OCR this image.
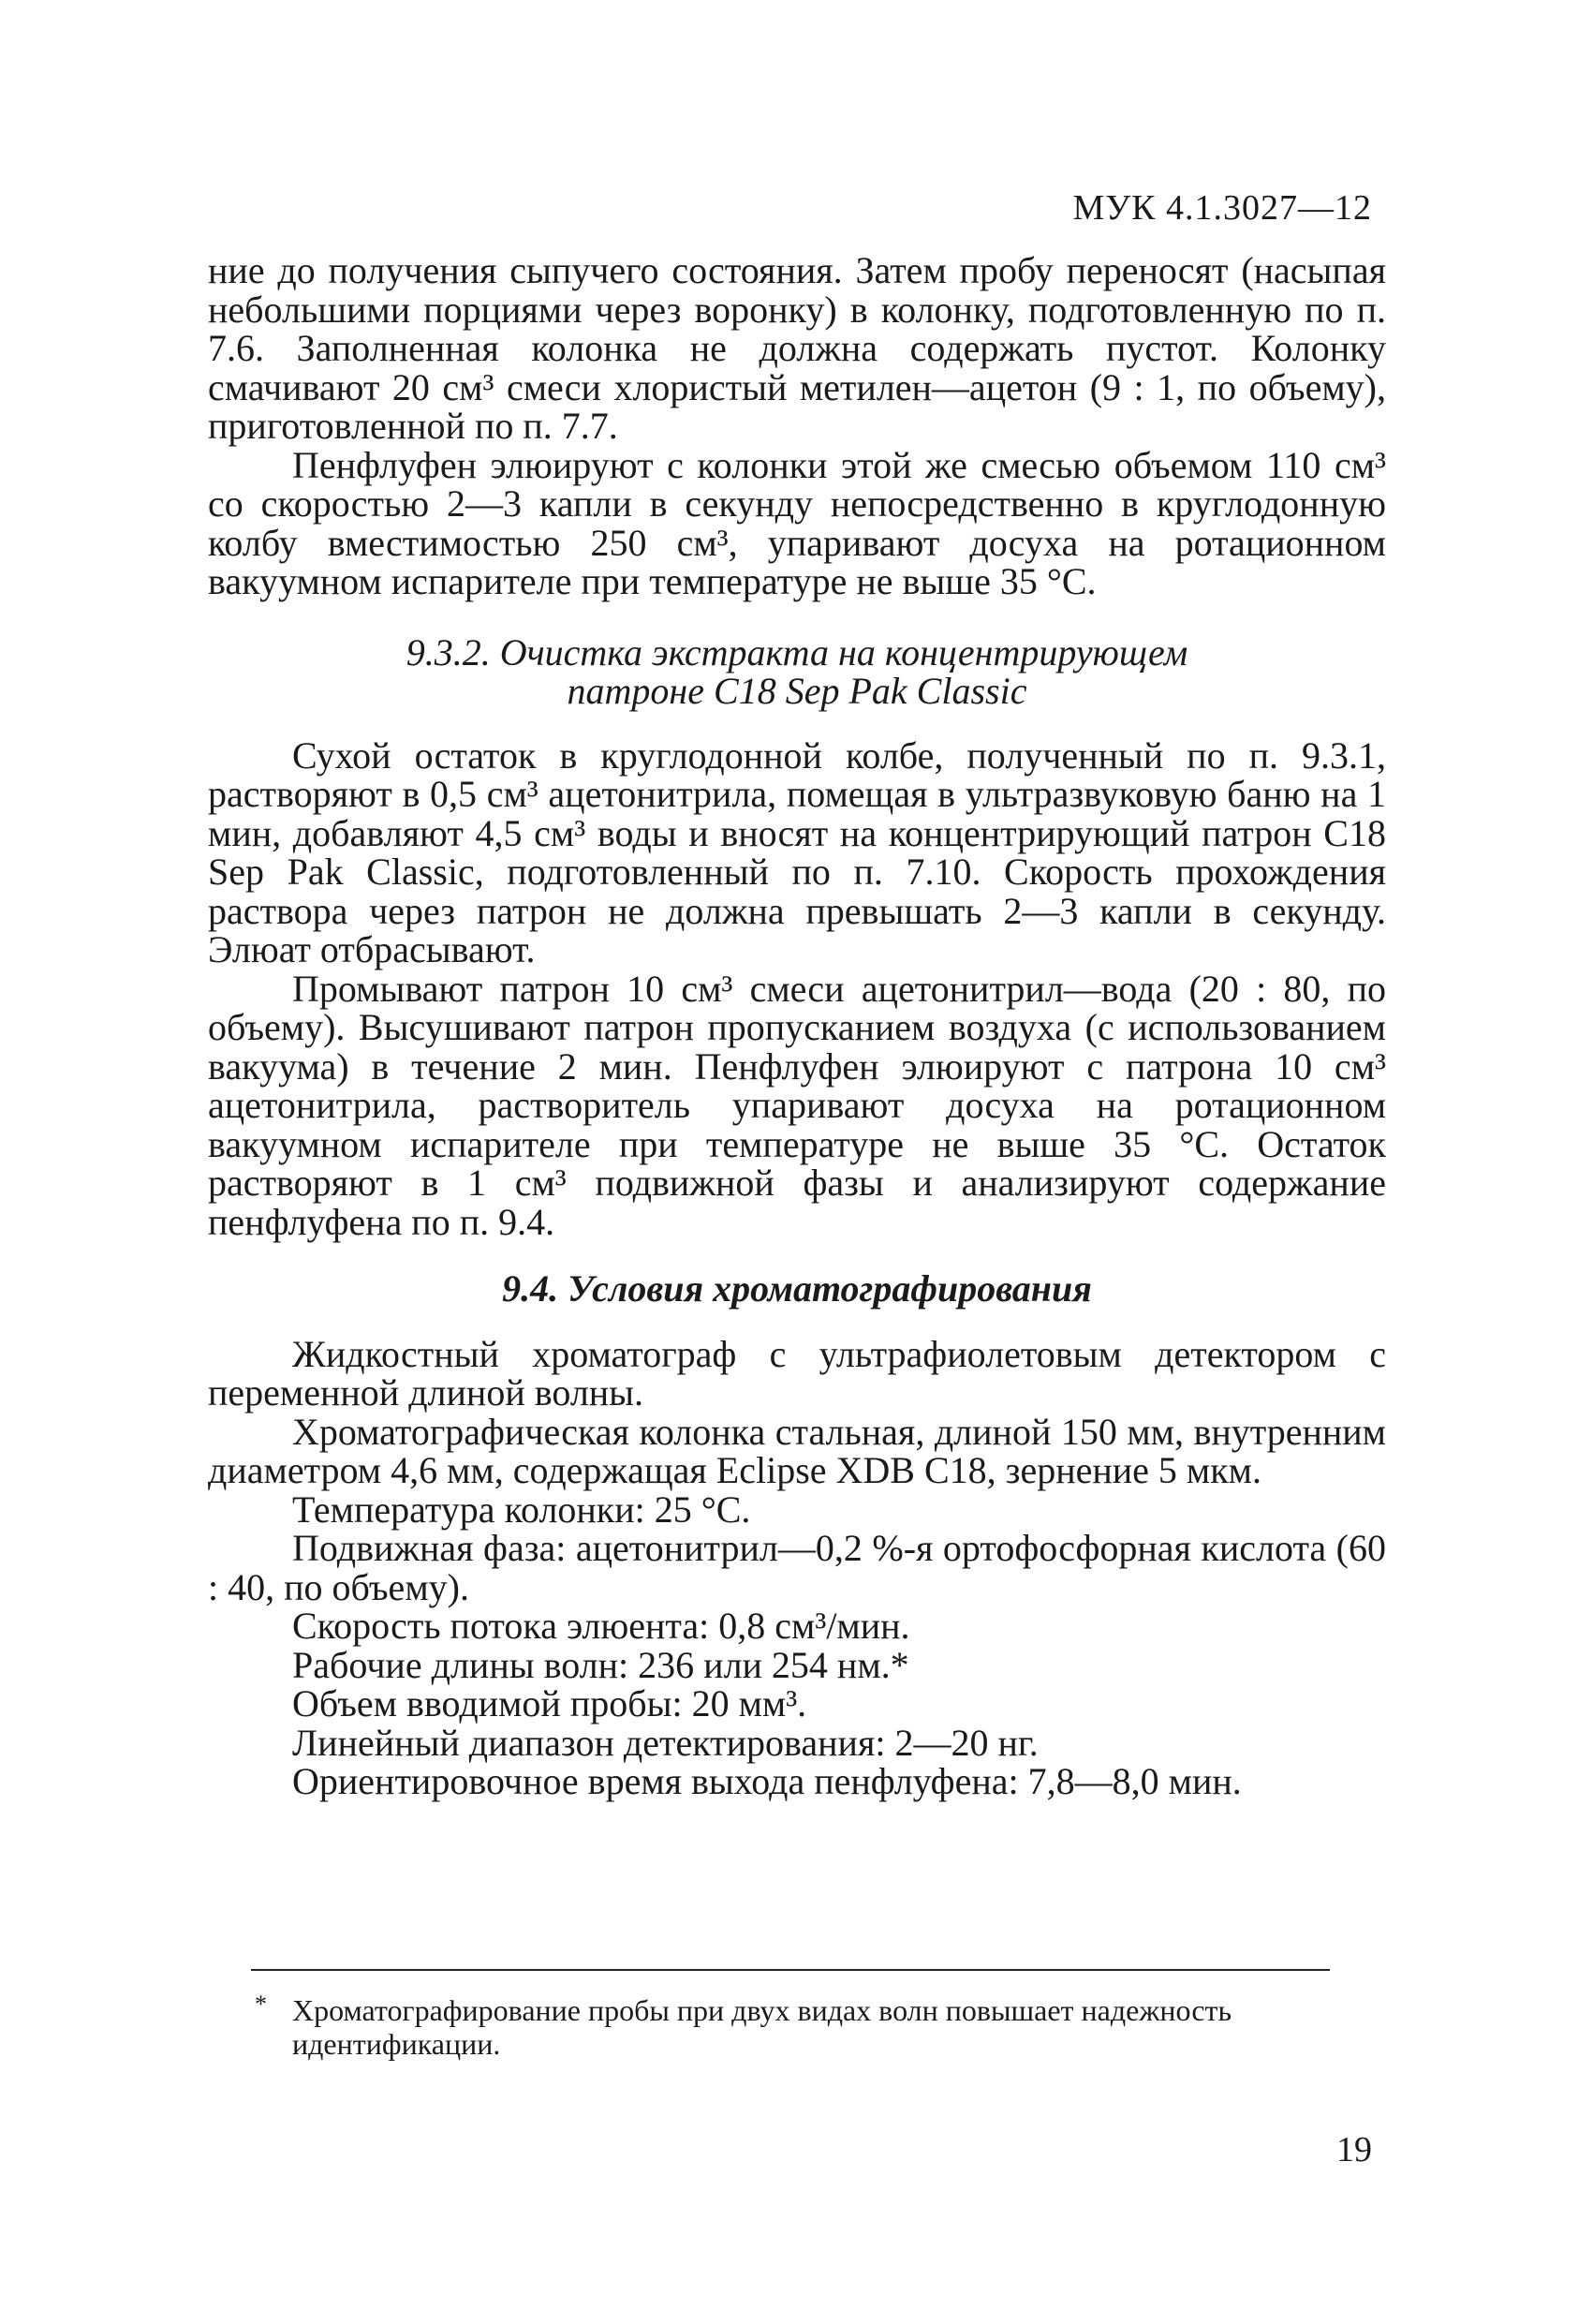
МУК 4.1.3027—12

ние до получения сыпучего состояния. Затем пробу переносят (насыпая небольшими порциями через воронку) в колонку, подготовленную по п. 7.6. Заполненная колонка не должна содержать пустот. Колонку смачивают 20 см³ смеси хлористый метилен—ацетон (9 : 1, по объему), приготовленной по п. 7.7.

Пенфлуфен элюируют с колонки этой же смесью объемом 110 см³ со скоростью 2—3 капли в секунду непосредственно в круглодонную колбу вместимостью 250 см³, упаривают досуха на ротационном вакуумном испарителе при температуре не выше 35 °С.

9.3.2. Очистка экстракта на концентрирующем
патроне C18 Sep Pak Classic

Сухой остаток в круглодонной колбе, полученный по п. 9.3.1, растворяют в 0,5 см³ ацетонитрила, помещая в ультразвуковую баню на 1 мин, добавляют 4,5 см³ воды и вносят на концентрирующий патрон C18 Sep Pak Classic, подготовленный по п. 7.10. Скорость прохождения раствора через патрон не должна превышать 2—3 капли в секунду. Элюат отбрасывают.

Промывают патрон 10 см³ смеси ацетонитрил—вода (20 : 80, по объему). Высушивают патрон пропусканием воздуха (с использованием вакуума) в течение 2 мин. Пенфлуфен элюируют с патрона 10 см³ ацетонитрила, растворитель упаривают досуха на ротационном вакуумном испарителе при температуре не выше 35 °С. Остаток растворяют в 1 см³ подвижной фазы и анализируют содержание пенфлуфена по п. 9.4.

9.4. Условия хроматографирования

Жидкостный хроматограф с ультрафиолетовым детектором с переменной длиной волны.

Хроматографическая колонка стальная, длиной 150 мм, внутренним диаметром 4,6 мм, содержащая Eclipse XDB C18, зернение 5 мкм.

Температура колонки: 25 °С.

Подвижная фаза: ацетонитрил—0,2 %-я ортофосфорная кислота (60 : 40, по объему).

Скорость потока элюента: 0,8 см³/мин.

Рабочие длины волн: 236 или 254 нм.*

Объем вводимой пробы: 20 мм³.

Линейный диапазон детектирования: 2—20 нг.

Ориентировочное время выхода пенфлуфена: 7,8—8,0 мин.

* Хроматографирование пробы при двух видах волн повышает надежность идентификации.
19
